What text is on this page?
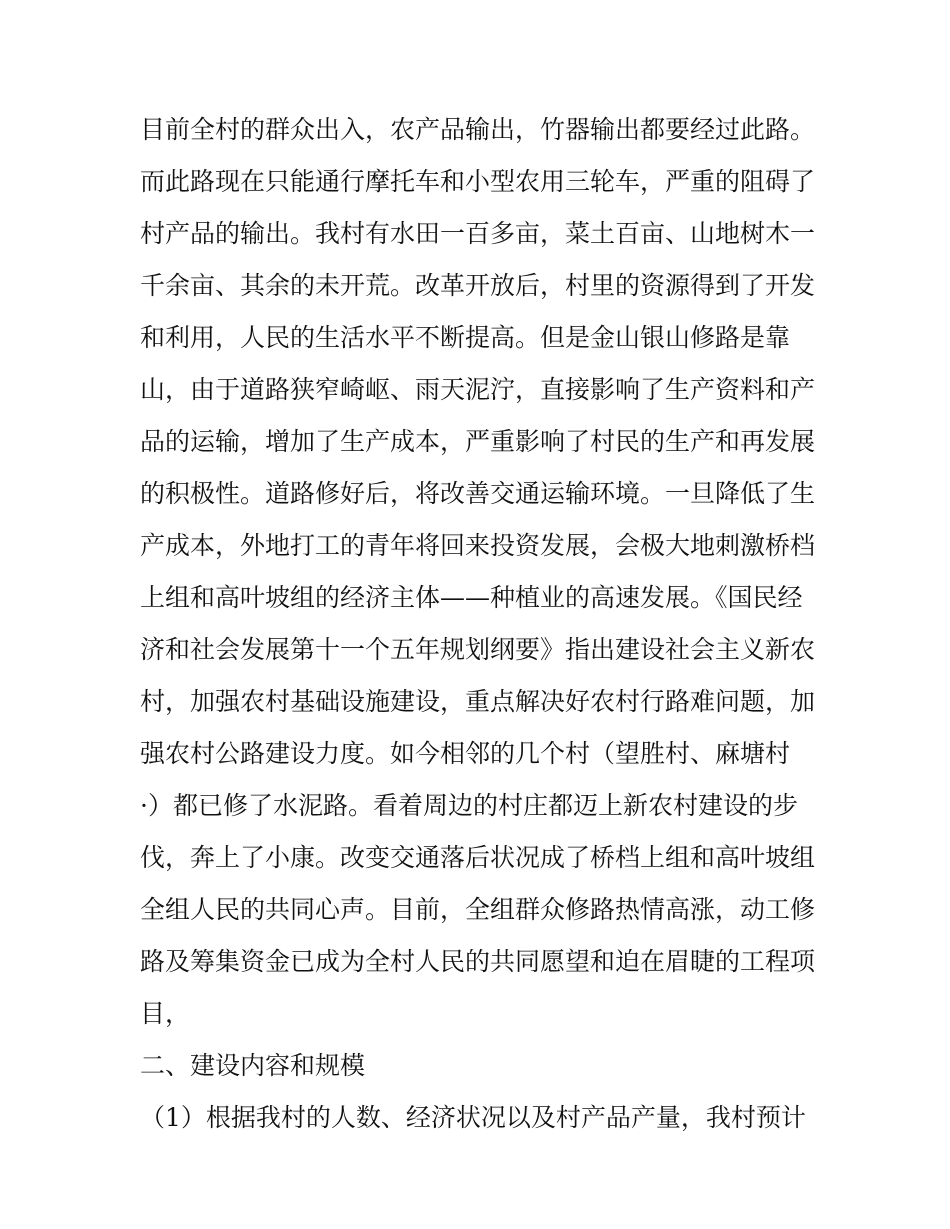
目前全村的群众出入，农产品输出，竹器输出都要经过此路。
而此路现在只能通行摩托车和小型农用三轮车，严重的阻碍了
村产品的输出。我村有水田一百多亩，菜土百亩、山地树木一
千余亩、其余的未开荒。改革开放后，村里的资源得到了开发
和利用，人民的生活水平不断提高。但是金山银山修路是靠
山，由于道路狭窄崎岖、雨天泥泞，直接影响了生产资料和产
品的运输，增加了生产成本，严重影响了村民的生产和再发展
的积极性。道路修好后，将改善交通运输环境。一旦降低了生
产成本，外地打工的青年将回来投资发展，会极大地刺激桥档
上组和高叶坡组的经济主体——种植业的高速发展。《国民经
济和社会发展第十一个五年规划纲要》指出建设社会主义新农
村，加强农村基础设施建设，重点解决好农村行路难问题，加
强农村公路建设力度。如今相邻的几个村（望胜村、麻塘村
·）都已修了水泥路。看着周边的村庄都迈上新农村建设的步
伐，奔上了小康。改变交通落后状况成了桥档上组和高叶坡组
全组人民的共同心声。目前，全组群众修路热情高涨，动工修
路及筹集资金已成为全村人民的共同愿望和迫在眉睫的工程项
目，
二、建设内容和规模
（1）根据我村的人数、经济状况以及村产品产量，我村预计
